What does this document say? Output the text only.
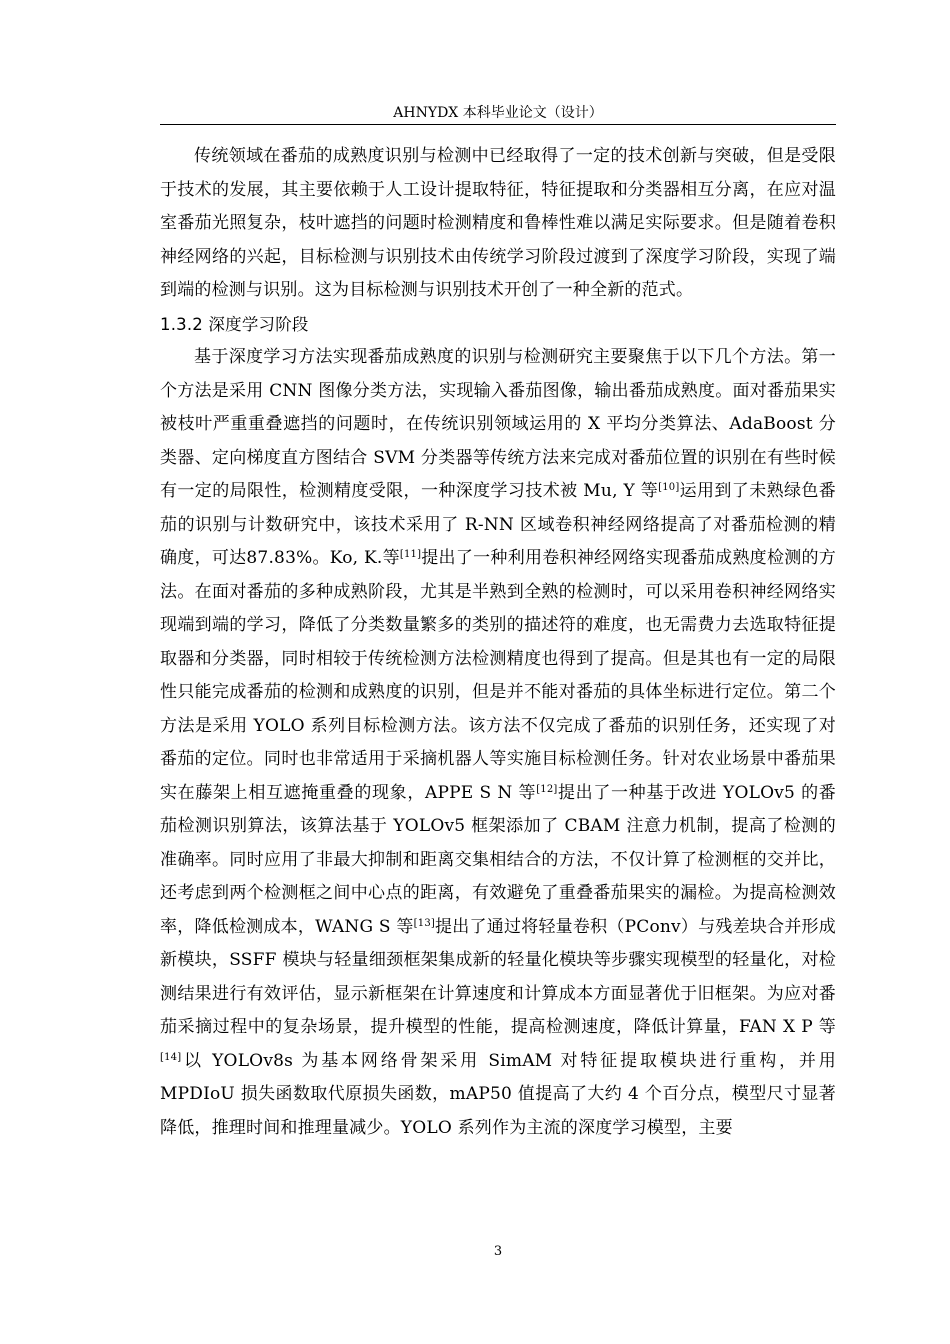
AHNYDX 本科毕业论文（设计）

传统领域在番茄的成熟度识别与检测中已经取得了一定的技术创新与突破，但是受限于技术的发展，其主要依赖于人工设计提取特征，特征提取和分类器相互分离，在应对温室番茄光照复杂，枝叶遮挡的问题时检测精度和鲁棒性难以满足实际要求。但是随着卷积神经网络的兴起，目标检测与识别技术由传统学习阶段过渡到了深度学习阶段，实现了端到端的检测与识别。这为目标检测与识别技术开创了一种全新的范式。

1.3.2 深度学习阶段

基于深度学习方法实现番茄成熟度的识别与检测研究主要聚焦于以下几个方法。第一个方法是采用 CNN 图像分类方法，实现输入番茄图像，输出番茄成熟度。面对番茄果实被枝叶严重重叠遮挡的问题时，在传统识别领域运用的 X 平均分类算法、AdaBoost 分类器、定向梯度直方图结合 SVM 分类器等传统方法来完成对番茄位置的识别在有些时候有一定的局限性，检测精度受限，一种深度学习技术被 Mu, Y 等[10]运用到了未熟绿色番茄的识别与计数研究中，该技术采用了 R-NN 区域卷积神经网络提高了对番茄检测的精确度，可达87.83%。Ko, K.等[11]提出了一种利用卷积神经网络实现番茄成熟度检测的方法。在面对番茄的多种成熟阶段，尤其是半熟到全熟的检测时，可以采用卷积神经网络实现端到端的学习，降低了分类数量繁多的类别的描述符的难度，也无需费力去选取特征提取器和分类器，同时相较于传统检测方法检测精度也得到了提高。但是其也有一定的局限性只能完成番茄的检测和成熟度的识别，但是并不能对番茄的具体坐标进行定位。第二个方法是采用 YOLO 系列目标检测方法。该方法不仅完成了番茄的识别任务，还实现了对番茄的定位。同时也非常适用于采摘机器人等实施目标检测任务。针对农业场景中番茄果实在藤架上相互遮掩重叠的现象，APPE S N 等[12]提出了一种基于改进 YOLOv5 的番茄检测识别算法，该算法基于 YOLOv5 框架添加了 CBAM 注意力机制，提高了检测的准确率。同时应用了非最大抑制和距离交集相结合的方法，不仅计算了检测框的交并比，还考虑到两个检测框之间中心点的距离，有效避免了重叠番茄果实的漏检。为提高检测效率，降低检测成本，WANG S 等[13]提出了通过将轻量卷积（PConv）与残差块合并形成新模块，SSFF 模块与轻量细颈框架集成新的轻量化模块等步骤实现模型的轻量化，对检测结果进行有效评估，显示新框架在计算速度和计算成本方面显著优于旧框架。为应对番茄采摘过程中的复杂场景，提升模型的性能，提高检测速度，降低计算量，FAN X P 等[14]以 YOLOv8s 为基本网络骨架采用 SimAM 对特征提取模块进行重构，并用 MPDIoU 损失函数取代原损失函数，mAP50 值提高了大约 4 个百分点，模型尺寸显著降低，推理时间和推理量减少。YOLO 系列作为主流的深度学习模型，主要

3
